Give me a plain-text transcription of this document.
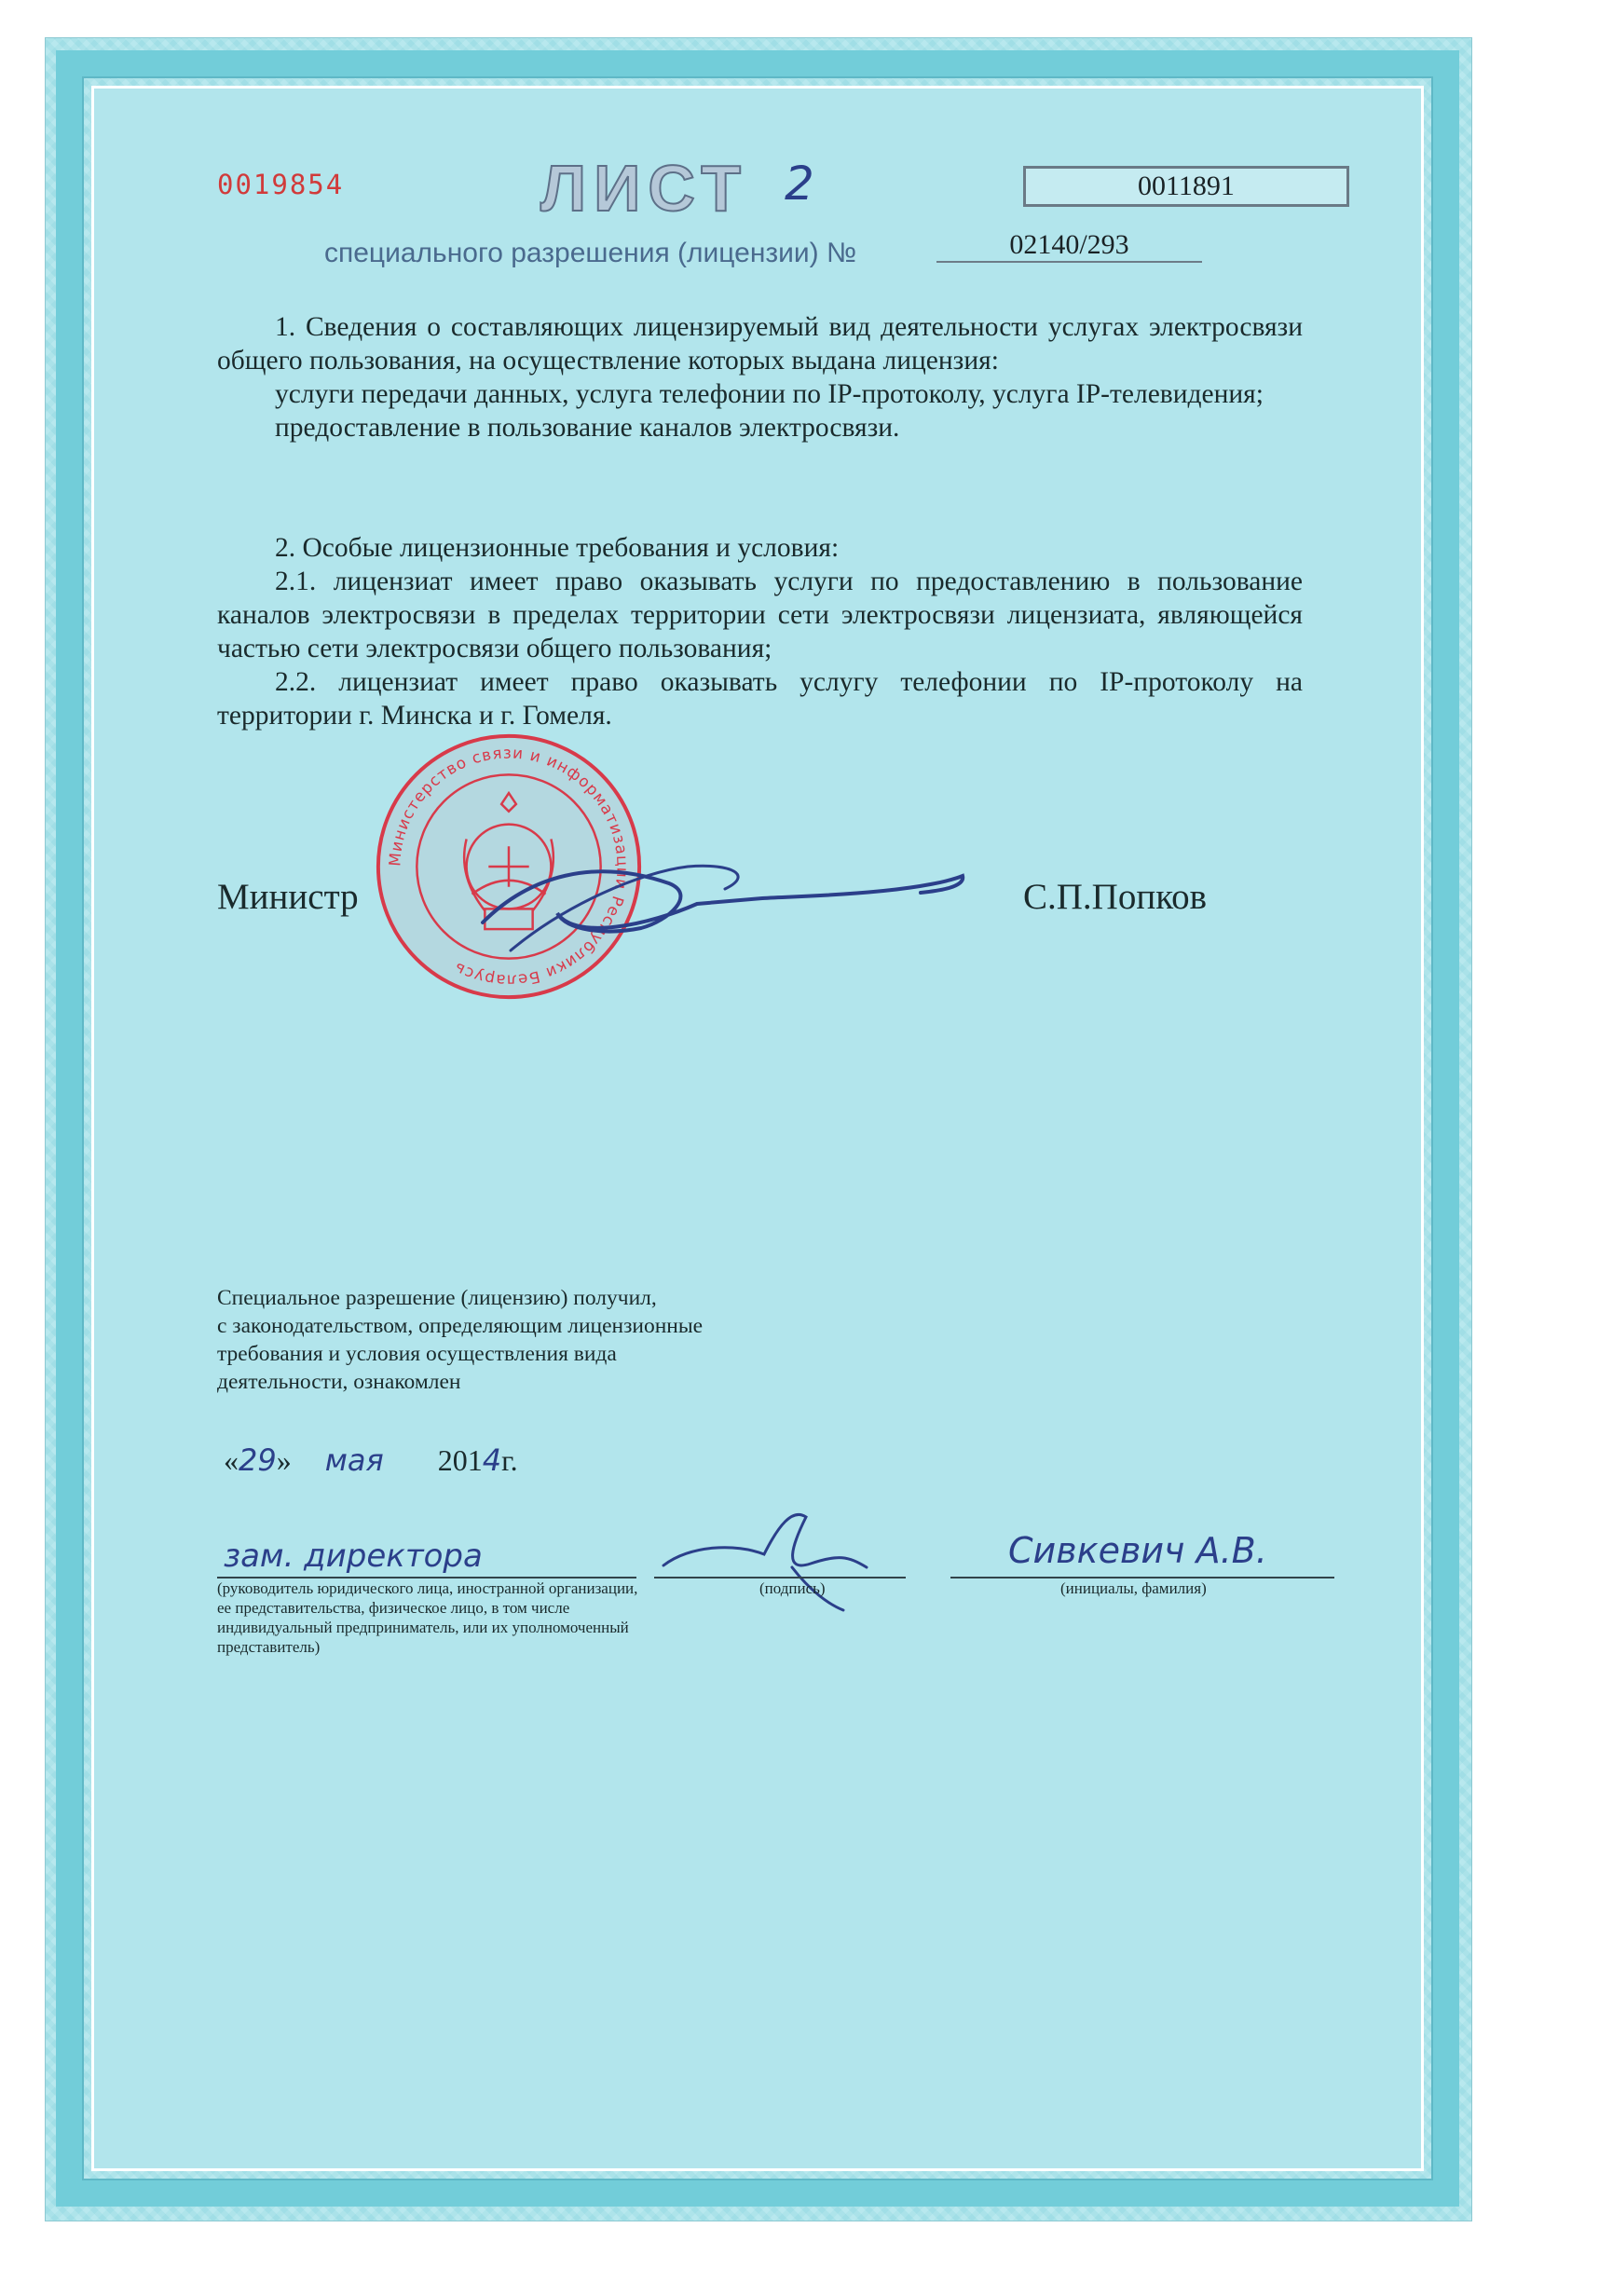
0019854	ЛИСТ 2	0011891
специального разрешения (лицензии) №	02140/293

1. Сведения о составляющих лицензируемый вид деятельности услугах электросвязи общего пользования, на осуществление которых выдана лицензия:

услуги передачи данных, услуга телефонии по IP-протоколу, услуга IP-телевидения;

предоставление в пользование каналов электросвязи.

2. Особые лицензионные требования и условия:

2.1. лицензиат имеет право оказывать услуги по предоставлению в пользование каналов электросвязи в пределах территории сети электросвязи лицензиата, являющейся частью сети электросвязи общего пользования;

2.2. лицензиат имеет право оказывать услугу телефонии по IP-протоколу на территории г. Минска и г. Гомеля.

Министерство связи и информатизации Республики Беларусь
Министр	С.П.Попков
Специальное разрешение (лицензию) получил,
с законодательством, определяющим лицензионные
требования и условия осуществления вида
деятельности, ознакомлен
«29» мая 2014г.
зам. директора
(руководитель юридического лица, иностранной организации, ее представительства, физическое лицо, в том числе индивидуальный предприниматель, или их уполномоченный представитель)
(подпись)
Сивкевич А.В.
(инициалы, фамилия)
